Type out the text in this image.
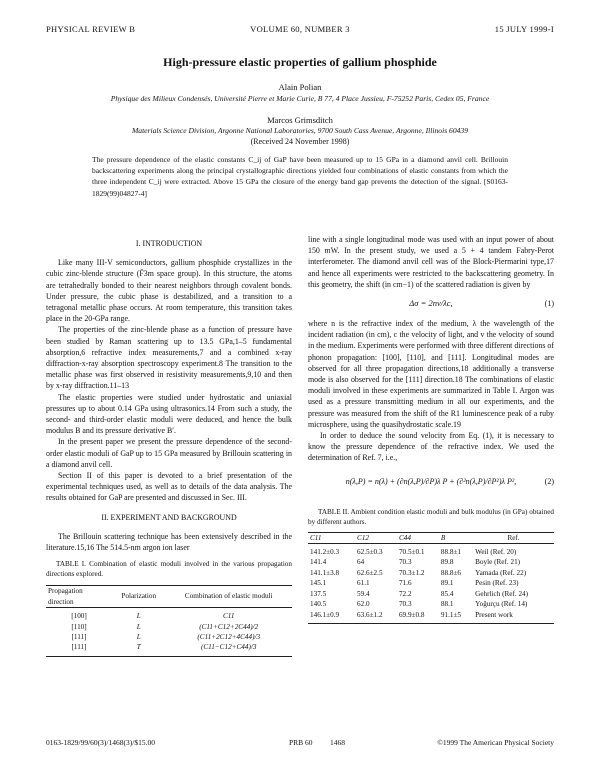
PHYSICAL REVIEW B	VOLUME 60, NUMBER 3	15 JULY 1999-I
High-pressure elastic properties of gallium phosphide
Alain Polian
Physique des Milieux Condensés, Université Pierre et Marie Curie, B 77, 4 Place Jussieu, F-75252 Paris, Cedex 05, France
Marcos Grimsditch
Materials Science Division, Argonne National Laboratories, 9700 South Cass Avenue, Argonne, Illinois 60439
(Received 24 November 1998)
The pressure dependence of the elastic constants C_ij of GaP have been measured up to 15 GPa in a diamond anvil cell. Brillouin backscattering experiments along the principal crystallographic directions yielded four combinations of elastic constants from which the three independent C_ij were extracted. Above 15 GPa the closure of the energy band gap prevents the detection of the signal. [S0163-1829(99)04827-4]
I. INTRODUCTION

Like many III-V semiconductors, gallium phosphide crystallizes in the cubic zinc-blende structure (F̄3m space group). In this structure, the atoms are tetrahedrally bonded to their nearest neighbors through covalent bonds. Under pressure, the cubic phase is destabilized, and a transition to a tetragonal metallic phase occurs. At room temperature, this transition takes place in the 20-GPa range.

The properties of the zinc-blende phase as a function of pressure have been studied by Raman scattering up to 13.5 GPa,1–5 fundamental absorption,6 refractive index measurements,7 and a combined x-ray diffraction-x-ray absorption spectroscopy experiment.8 The transition to the metallic phase was first observed in resistivity measurements,9,10 and then by x-ray diffraction.11–13

The elastic properties were studied under hydrostatic and uniaxial pressures up to about 0.14 GPa using ultrasonics.14 From such a study, the second- and third-order elastic moduli were deduced, and hence the bulk modulus B and its pressure derivative B′.

In the present paper we present the pressure dependence of the second-order elastic moduli of GaP up to 15 GPa measured by Brillouin scattering in a diamond anvil cell.

Section II of this paper is devoted to a brief presentation of the experimental techniques used, as well as to details of the data analysis. The results obtained for GaP are presented and discussed in Sec. III.

II. EXPERIMENT AND BACKGROUND

The Brillouin scattering technique has been extensively described in the literature.15,16 The 514.5-nm argon ion laser

TABLE I. Combination of elastic moduli involved in the various propagation directions explored.

Propagation direction	Polarization	Combination of elastic moduli
[100]	L	C11
[110]	L	(C11+C12+2C44)/2
[111]	L	(C11+2C12+4C44)/3
[111]	T	(C11−C12+C44)/3

line with a single longitudinal mode was used with an input power of about 150 mW. In the present study, we used a 5 + 4 tandem Fabry-Perot interferometer. The diamond anvil cell was of the Block-Piermarini type,17 and hence all experiments were restricted to the backscattering geometry. In this geometry, the shift (in cm−1) of the scattered radiation is given by

Δσ = 2nv/λc,	(1)

where n is the refractive index of the medium, λ the wavelength of the incident radiation (in cm), c the velocity of light, and v the velocity of sound in the medium. Experiments were performed with three different directions of phonon propagation: [100], [110], and [111]. Longitudinal modes are observed for all three propagation directions,18 additionally a transverse mode is also observed for the [111] direction.18 The combinations of elastic moduli involved in these experiments are summarized in Table I. Argon was used as a pressure transmitting medium in all our experiments, and the pressure was measured from the shift of the R1 luminescence peak of a ruby microsphere, using the quasihydrostatic scale.19

In order to deduce the sound velocity from Eq. (1), it is necessary to know the pressure dependence of the refractive index. We used the determination of Ref. 7, i.e.,

n(λ,P) = n(λ) + (∂n(λ,P)/∂P)λ P + (∂²n(λ,P)/∂P²)λ P²,	(2)

TABLE II. Ambient condition elastic moduli and bulk modulus (in GPa) obtained by different authors.

C11	C12	C44	B	Ref.
141.2±0.3	62.5±0.3	70.5±0.1	88.8±1	Weil (Ref. 20)
141.4	64	70.3	89.8	Boyle (Ref. 21)
141.1±3.8	62.6±2.5	70.3±1.2	88.8±6	Yamada (Ref. 22)
145.1	61.1	71.6	89.1	Pesin (Ref. 23)
137.5	59.4	72.2	85.4	Gehrlich (Ref. 24)
140.5	62.0	70.3	88.1	Yoğurçu (Ref. 14)
146.1±0.9	63.6±1.2	69.9±0.8	91.1±5	Present work
0163-1829/99/60(3)/1468(3)/$15.00	PRB 60 1468	©1999 The American Physical Society
